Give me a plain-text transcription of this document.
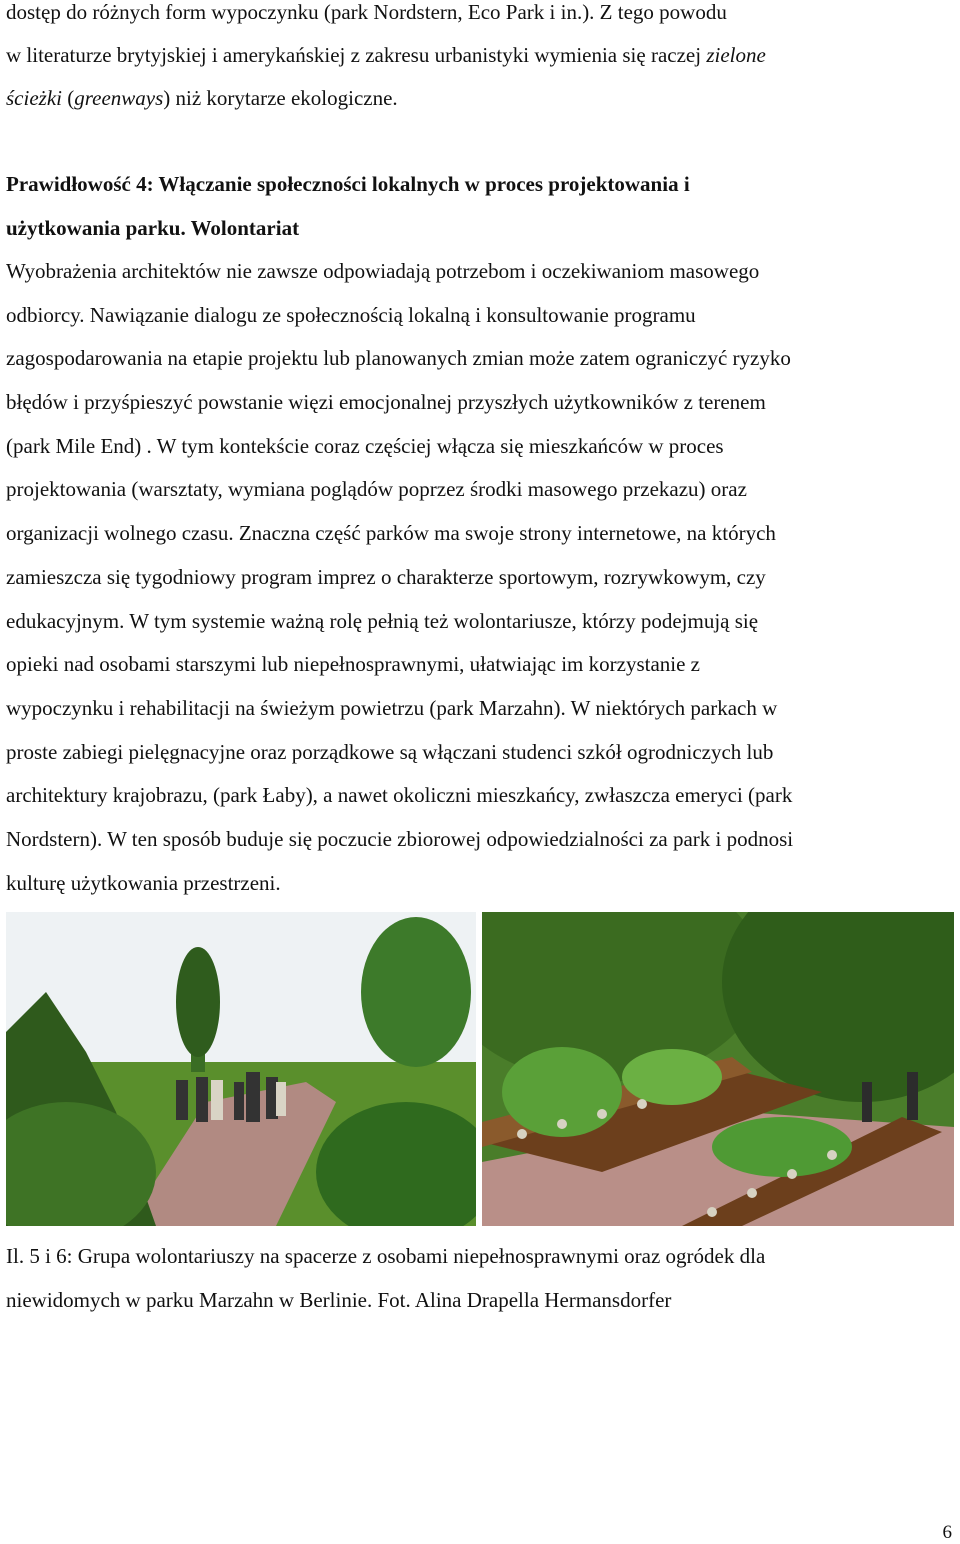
dostęp do różnych form wypoczynku (park Nordstern, Eco Park i in.). Z tego powodu
w literaturze brytyjskiej i amerykańskiej z zakresu urbanistyki wymienia się raczej zielone
ścieżki (greenways) niż korytarze ekologiczne.
Prawidłowość 4: Włączanie społeczności lokalnych w proces projektowania i
użytkowania parku. Wolontariat
Wyobrażenia architektów nie zawsze odpowiadają potrzebom i oczekiwaniom masowego
odbiorcy. Nawiązanie dialogu ze społecznością lokalną i konsultowanie programu
zagospodarowania na etapie projektu lub planowanych zmian może zatem ograniczyć ryzyko
błędów i przyśpieszyć powstanie więzi emocjonalnej przyszłych użytkowników z terenem
(park Mile End) . W tym kontekście coraz częściej włącza się mieszkańców w proces
projektowania (warsztaty, wymiana poglądów poprzez środki masowego przekazu) oraz
organizacji wolnego czasu. Znaczna część parków ma swoje strony internetowe, na których
zamieszcza się tygodniowy program imprez o charakterze sportowym, rozrywkowym, czy
edukacyjnym. W tym systemie ważną rolę pełnią też wolontariusze, którzy podejmują się
opieki nad osobami starszymi lub niepełnosprawnymi, ułatwiając im korzystanie z
wypoczynku i rehabilitacji na świeżym powietrzu (park Marzahn). W niektórych parkach w
proste zabiegi pielęgnacyjne oraz porządkowe są włączani studenci szkół ogrodniczych lub
architektury krajobrazu, (park Łaby), a nawet okoliczni mieszkańcy, zwłaszcza emeryci (park
Nordstern). W ten sposób buduje się poczucie zbiorowej odpowiedzialności za park i podnosi
kulturę użytkowania przestrzeni.
Il. 5 i 6: Grupa wolontariuszy na spacerze z osobami niepełnosprawnymi oraz ogródek dla
niewidomych w parku Marzahn w Berlinie. Fot. Alina Drapella Hermansdorfer
6
